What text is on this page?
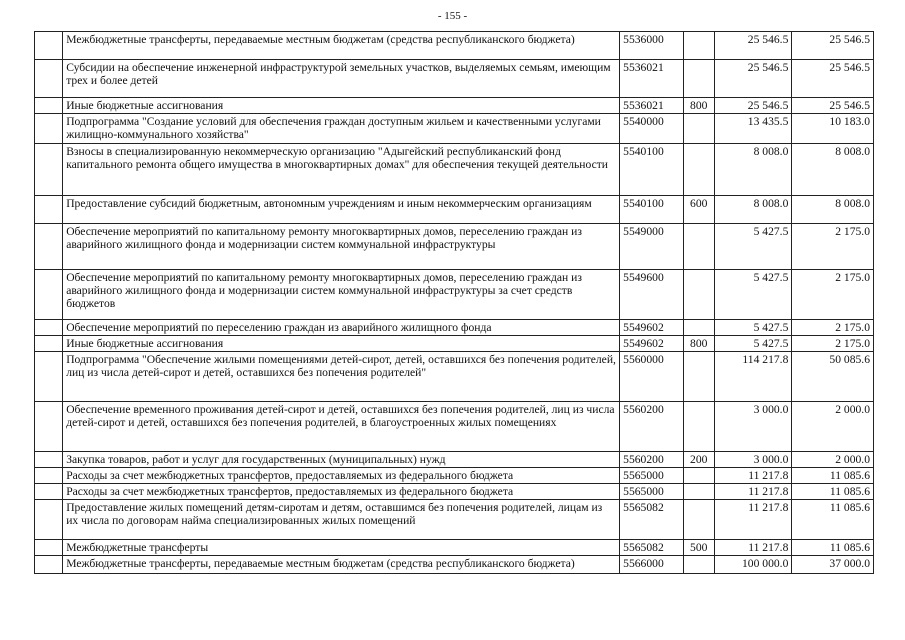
- 155 -
	Межбюджетные трансферты, передаваемые местным бюджетам (средства республиканского бюджета)	5536000		25 546.5	25 546.5
	Субсидии на обеспечение инженерной инфраструктурой земельных участков, выделяемых семьям, имеющим трех и более детей	5536021		25 546.5	25 546.5
	Иные бюджетные ассигнования	5536021	800	25 546.5	25 546.5
	Подпрограмма "Создание условий для обеспечения граждан доступным жильем и качественными услугами жилищно-коммунального хозяйства"	5540000		13 435.5	10 183.0
	Взносы в специализированную некоммерческую организацию "Адыгейский республиканский фонд капитального ремонта общего имущества в многоквартирных домах" для обеспечения текущей деятельности	5540100		8 008.0	8 008.0
	Предоставление субсидий бюджетным, автономным учреждениям и иным некоммерческим организациям	5540100	600	8 008.0	8 008.0
	Обеспечение мероприятий по капитальному ремонту многоквартирных домов, переселению граждан из аварийного жилищного фонда и модернизации систем коммунальной инфраструктуры	5549000		5 427.5	2 175.0
	Обеспечение мероприятий по капитальному ремонту многоквартирных домов, переселению граждан из аварийного жилищного фонда и модернизации систем коммунальной инфраструктуры за счет средств бюджетов	5549600		5 427.5	2 175.0
	Обеспечение мероприятий по переселению граждан из аварийного жилищного фонда	5549602		5 427.5	2 175.0
	Иные бюджетные ассигнования	5549602	800	5 427.5	2 175.0
	Подпрограмма "Обеспечение жилыми помещениями детей-сирот, детей, оставшихся без попечения родителей, лиц из числа детей-сирот и детей, оставшихся без попечения родителей"	5560000		114 217.8	50 085.6
	Обеспечение временного проживания детей-сирот и детей, оставшихся без попечения родителей, лиц из числа детей-сирот и детей, оставшихся без попечения родителей, в благоустроенных жилых помещениях	5560200		3 000.0	2 000.0
	Закупка товаров, работ и услуг для государственных (муниципальных) нужд	5560200	200	3 000.0	2 000.0
	Расходы за счет межбюджетных трансфертов, предоставляемых из федерального бюджета	5565000		11 217.8	11 085.6
	Расходы за счет межбюджетных трансфертов, предоставляемых из федерального бюджета	5565000		11 217.8	11 085.6
	Предоставление жилых помещений детям-сиротам и детям, оставшимся без попечения родителей, лицам из их числа по договорам найма специализированных жилых помещений	5565082		11 217.8	11 085.6
	Межбюджетные трансферты	5565082	500	11 217.8	11 085.6
	Межбюджетные трансферты, передаваемые местным бюджетам (средства республиканского бюджета)	5566000		100 000.0	37 000.0
